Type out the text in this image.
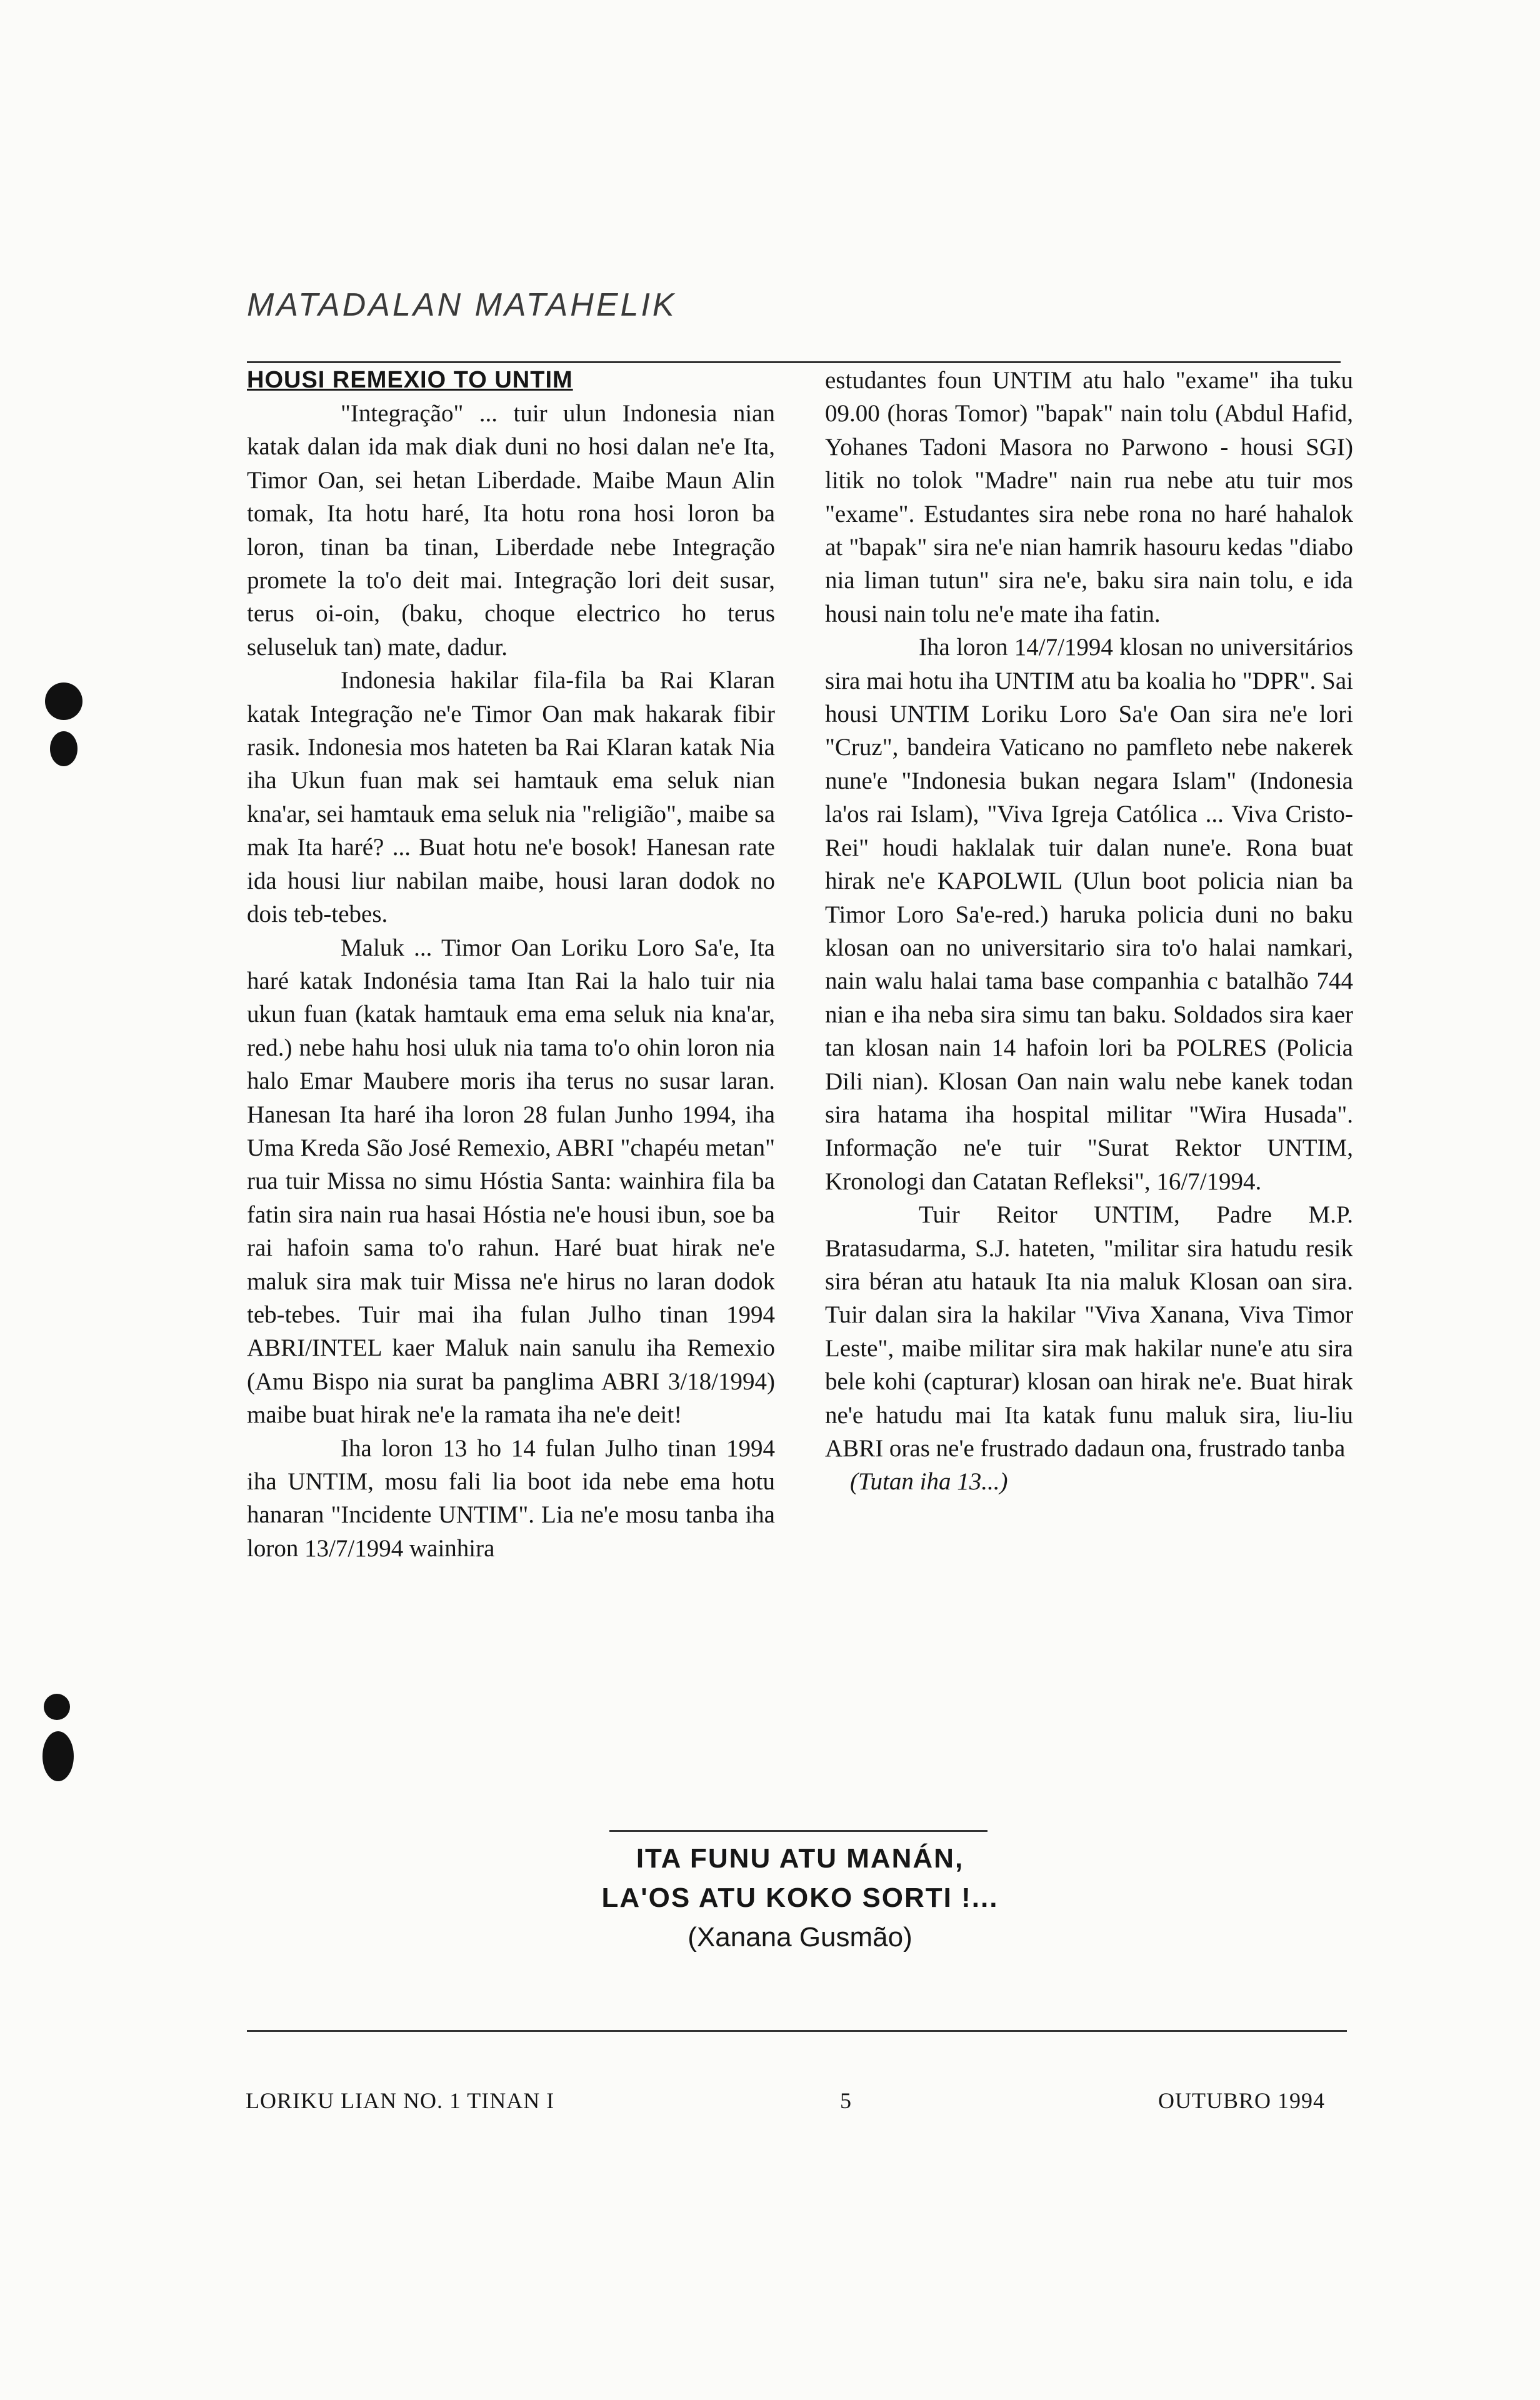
MATADALAN MATAHELIK
HOUSI REMEXIO TO UNTIM

"Integração" ... tuir ulun Indonesia nian katak dalan ida mak diak duni no hosi dalan ne'e Ita, Timor Oan, sei hetan Liberdade. Maibe Maun Alin tomak, Ita hotu haré, Ita hotu rona hosi loron ba loron, tinan ba tinan, Liberdade nebe Integração promete la to'o deit mai. Integração lori deit susar, terus oi-oin, (baku, choque electrico ho terus seluseluk tan) mate, dadur.

Indonesia hakilar fila-fila ba Rai Klaran katak Integração ne'e Timor Oan mak hakarak fibir rasik. Indonesia mos hateten ba Rai Klaran katak Nia iha Ukun fuan mak sei hamtauk ema seluk nian kna'ar, sei hamtauk ema seluk nia "religião", maibe sa mak Ita haré? ... Buat hotu ne'e bosok! Hanesan rate ida housi liur nabilan maibe, housi laran dodok no dois teb-tebes.

Maluk ... Timor Oan Loriku Loro Sa'e, Ita haré katak Indonésia tama Itan Rai la halo tuir nia ukun fuan (katak hamtauk ema ema seluk nia kna'ar, red.) nebe hahu hosi uluk nia tama to'o ohin loron nia halo Emar Maubere moris iha terus no susar laran. Hanesan Ita haré iha loron 28 fulan Junho 1994, iha Uma Kreda São José Remexio, ABRI "chapéu metan" rua tuir Missa no simu Hóstia Santa: wainhira fila ba fatin sira nain rua hasai Hóstia ne'e housi ibun, soe ba rai hafoin sama to'o rahun. Haré buat hirak ne'e maluk sira mak tuir Missa ne'e hirus no laran dodok teb-tebes. Tuir mai iha fulan Julho tinan 1994 ABRI/INTEL kaer Maluk nain sanulu iha Remexio (Amu Bispo nia surat ba panglima ABRI 3/18/1994) maibe buat hirak ne'e la ramata iha ne'e deit!

Iha loron 13 ho 14 fulan Julho tinan 1994 iha UNTIM, mosu fali lia boot ida nebe ema hotu hanaran "Incidente UNTIM". Lia ne'e mosu tanba iha loron 13/7/1994 wainhira

estudantes foun UNTIM atu halo "exame" iha tuku 09.00 (horas Tomor) "bapak" nain tolu (Abdul Hafid, Yohanes Tadoni Masora no Parwono - housi SGI) litik no tolok "Madre" nain rua nebe atu tuir mos "exame". Estudantes sira nebe rona no haré hahalok at "bapak" sira ne'e nian hamrik hasouru kedas "diabo nia liman tutun" sira ne'e, baku sira nain tolu, e ida housi nain tolu ne'e mate iha fatin.

Iha loron 14/7/1994 klosan no universitários sira mai hotu iha UNTIM atu ba koalia ho "DPR". Sai housi UNTIM Loriku Loro Sa'e Oan sira ne'e lori "Cruz", bandeira Vaticano no pamfleto nebe nakerek nune'e "Indonesia bukan negara Islam" (Indonesia la'os rai Islam), "Viva Igreja Católica ... Viva Cristo-Rei" houdi haklalak tuir dalan nune'e. Rona buat hirak ne'e KAPOLWIL (Ulun boot policia nian ba Timor Loro Sa'e-red.) haruka policia duni no baku klosan oan no universitario sira to'o halai namkari, nain walu halai tama base companhia c batalhão 744 nian e iha neba sira simu tan baku. Soldados sira kaer tan klosan nain 14 hafoin lori ba POLRES (Policia Dili nian). Klosan Oan nain walu nebe kanek todan sira hatama iha hospital militar "Wira Husada". Informação ne'e tuir "Surat Rektor UNTIM, Kronologi dan Catatan Refleksi", 16/7/1994.

Tuir Reitor UNTIM, Padre M.P. Bratasudarma, S.J. hateten, "militar sira hatudu resik sira béran atu hatauk Ita nia maluk Klosan oan sira. Tuir dalan sira la hakilar "Viva Xanana, Viva Timor Leste", maibe militar sira mak hakilar nune'e atu sira bele kohi (capturar) klosan oan hirak ne'e. Buat hirak ne'e hatudu mai Ita katak funu maluk sira, liu-liu ABRI oras ne'e frustrado dadaun ona, frustrado tanba

(Tutan iha 13...)

ITA FUNU ATU MANÁN,
LA'OS ATU KOKO SORTI !...
(Xanana Gusmão)
LORIKU LIAN NO. 1 TINAN I	5	OUTUBRO 1994
